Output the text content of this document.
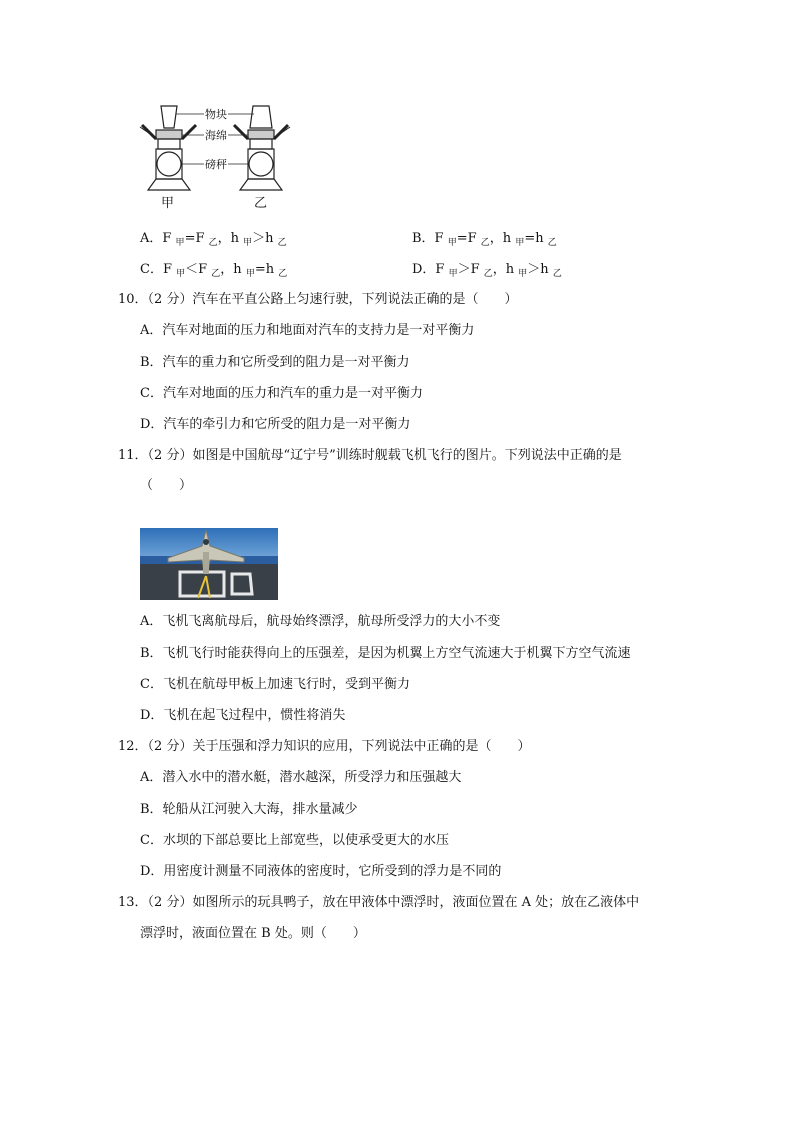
物块
海绵
磅秤
甲	乙
A．F $_甲$=F $_乙$，h $_甲$＞h $_乙$	B．F $_甲$=F $_乙$，h $_甲$=h $_乙$
C．F $_甲$＜F $_乙$，h $_甲$=h $_乙$	D．F $_甲$＞F $_乙$，h $_甲$＞h $_乙$
10．（2 分）汽车在平直公路上匀速行驶，下列说法正确的是（　　）
A．汽车对地面的压力和地面对汽车的支持力是一对平衡力
B．汽车的重力和它所受到的阻力是一对平衡力
C．汽车对地面的压力和汽车的重力是一对平衡力
D．汽车的牵引力和它所受的阻力是一对平衡力
11．（2 分）如图是中国航母“辽宁号”训练时舰载飞机飞行的图片。下列说法中正确的是
（　　）
A．飞机飞离航母后，航母始终漂浮，航母所受浮力的大小不变
B．飞机飞行时能获得向上的压强差，是因为机翼上方空气流速大于机翼下方空气流速
C．飞机在航母甲板上加速飞行时，受到平衡力
D．飞机在起飞过程中，惯性将消失
12．（2 分）关于压强和浮力知识的应用，下列说法中正确的是（　　）
A．潜入水中的潜水艇，潜水越深，所受浮力和压强越大
B．轮船从江河驶入大海，排水量减少
C．水坝的下部总要比上部宽些，以使承受更大的水压
D．用密度计测量不同液体的密度时，它所受到的浮力是不同的
13．（2 分）如图所示的玩具鸭子，放在甲液体中漂浮时，液面位置在 A 处；放在乙液体中
漂浮时，液面位置在 B 处。则（　　）
